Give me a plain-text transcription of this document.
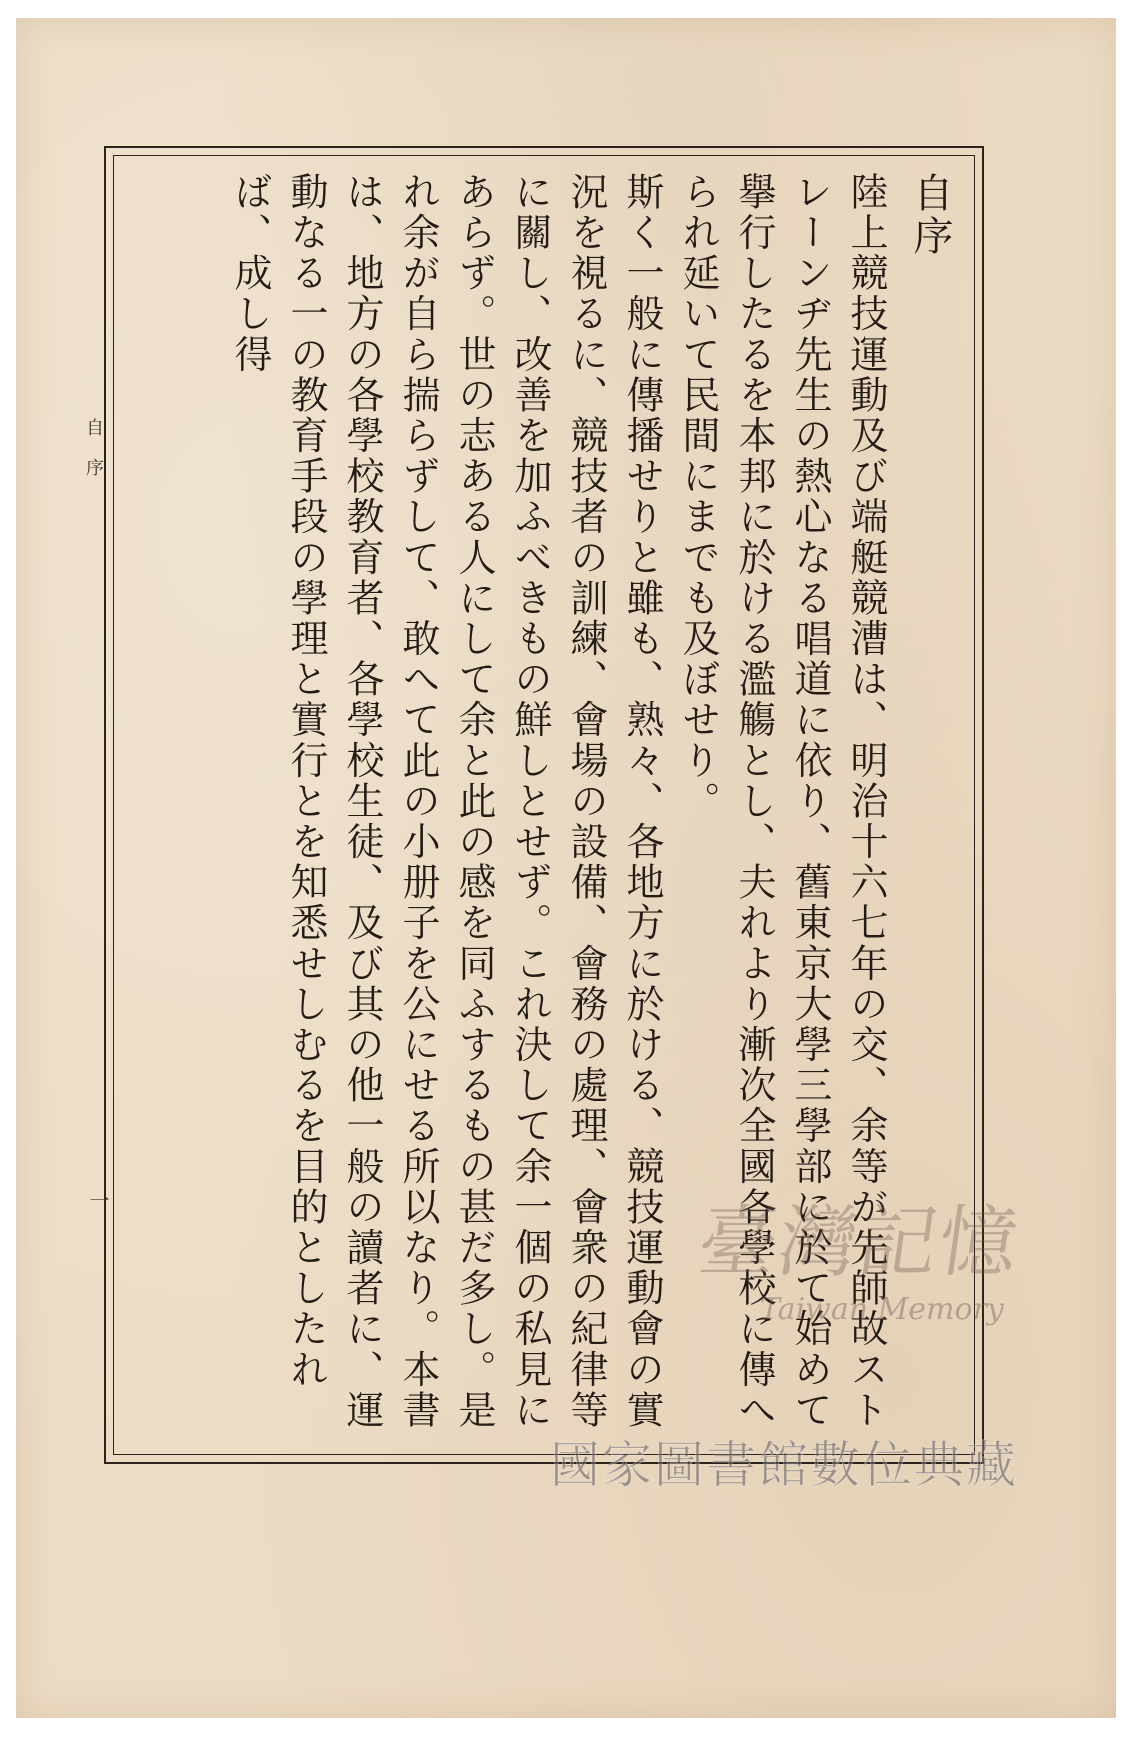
自序
一
自序
陸上競技運動及び端艇競漕は、明治十六七年の交、余等が先師故ストレーンヂ先生の熱心なる唱道に依り、舊東京大學三學部に於て始めて擧行したるを本邦に於ける濫觴とし、夫れより漸次全國各學校に傳へられ延いて民間にまでも及ぼせり。
斯く一般に傳播せりと雖も、熟々、各地方に於ける、競技運動會の實況を視るに、競技者の訓練、會場の設備、會務の處理、會衆の紀律等に關し、改善を加ふべきもの鮮しとせず。これ決して余一個の私見にあらず。世の志ある人にして余と此の感を同ふするもの甚だ多し。是れ余が自ら揣らずして、敢へて此の小册子を公にせる所以なり。本書は、地方の各學校教育者、各學校生徒、及び其の他一般の讀者に、運動なる一の教育手段の學理と實行とを知悉せしむるを目的としたれば、成し得
臺灣記憶
Taiwan Memory
國家圖書館數位典藏
